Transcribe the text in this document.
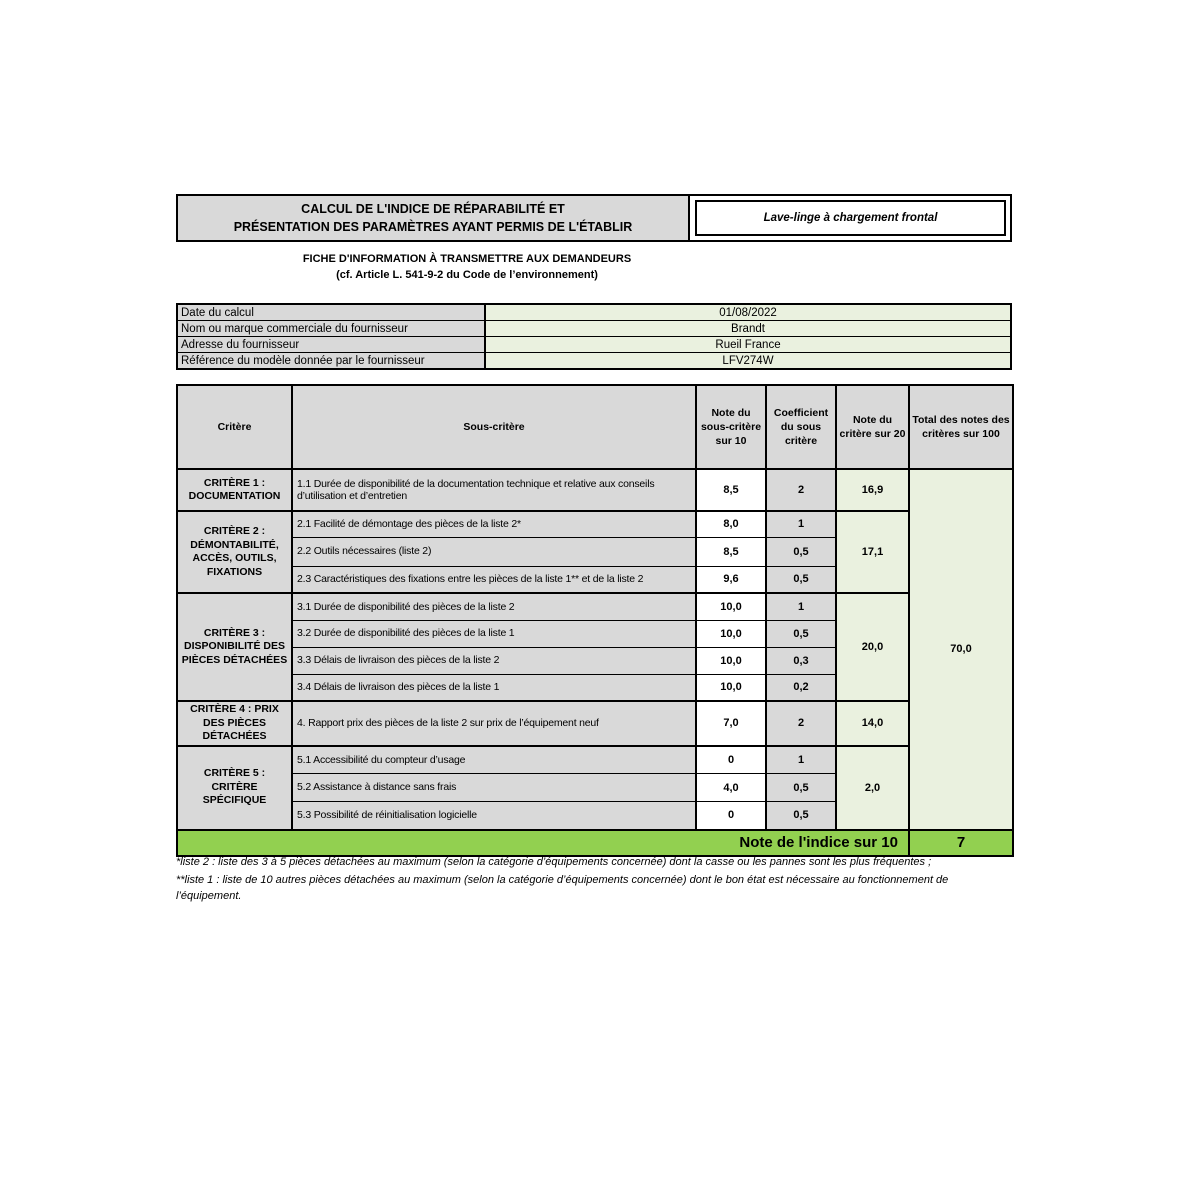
CALCUL DE L'INDICE DE RÉPARABILITÉ ET
PRÉSENTATION DES PARAMÈTRES AYANT PERMIS DE L'ÉTABLIR
Lave-linge à chargement frontal
FICHE D'INFORMATION À TRANSMETTRE AUX DEMANDEURS
(cf. Article L. 541-9-2 du Code de l’environnement)
Date du calcul	01/08/2022
Nom ou marque commerciale du fournisseur	Brandt
Adresse du fournisseur	Rueil France
Référence du modèle donnée par le fournisseur	LFV274W
Critère	Sous-critère	Note du sous-critère sur 10	Coefficient du sous critère	Note du critère sur 20	Total des notes des critères sur 100
CRITÈRE 1 : DOCUMENTATION	1.1 Durée de disponibilité de la documentation technique et relative aux conseils d’utilisation et d’entretien	8,5	2	16,9	70,0
CRITÈRE 2 : DÉMONTABILITÉ, ACCÈS, OUTILS, FIXATIONS	2.1 Facilité de démontage des pièces de la liste 2*	8,0	1	17,1	
	2.2 Outils nécessaires (liste 2)	8,5	0,5		
	2.3 Caractéristiques des fixations entre les pièces de la liste 1** et de la liste 2	9,6	0,5		
CRITÈRE 3 : DISPONIBILITÉ DES PIÈCES DÉTACHÉES	3.1 Durée de disponibilité des pièces de la liste 2	10,0	1	20,0	
	3.2 Durée de disponibilité des pièces de la liste 1	10,0	0,5		
	3.3 Délais de livraison des pièces de la liste 2	10,0	0,3		
	3.4 Délais de livraison des pièces de la liste 1	10,0	0,2		
CRITÈRE 4 : PRIX DES PIÈCES DÉTACHÉES	4. Rapport prix des pièces de la liste 2 sur prix de l’équipement neuf	7,0	2	14,0	
CRITÈRE 5 : CRITÈRE SPÉCIFIQUE	5.1 Accessibilité du compteur d’usage	0	1	2,0	
	5.2 Assistance à distance sans frais	4,0	0,5		
	5.3 Possibilité de réinitialisation logicielle	0	0,5		
Note de l'indice sur 10					7

*liste 2 : liste des 3 à 5 pièces détachées au maximum (selon la catégorie d’équipements concernée) dont la casse ou les pannes sont les plus fréquentes ;

**liste 1 : liste de 10 autres pièces détachées au maximum (selon la catégorie d’équipements concernée) dont le bon état est nécessaire au fonctionnement de l’équipement.
